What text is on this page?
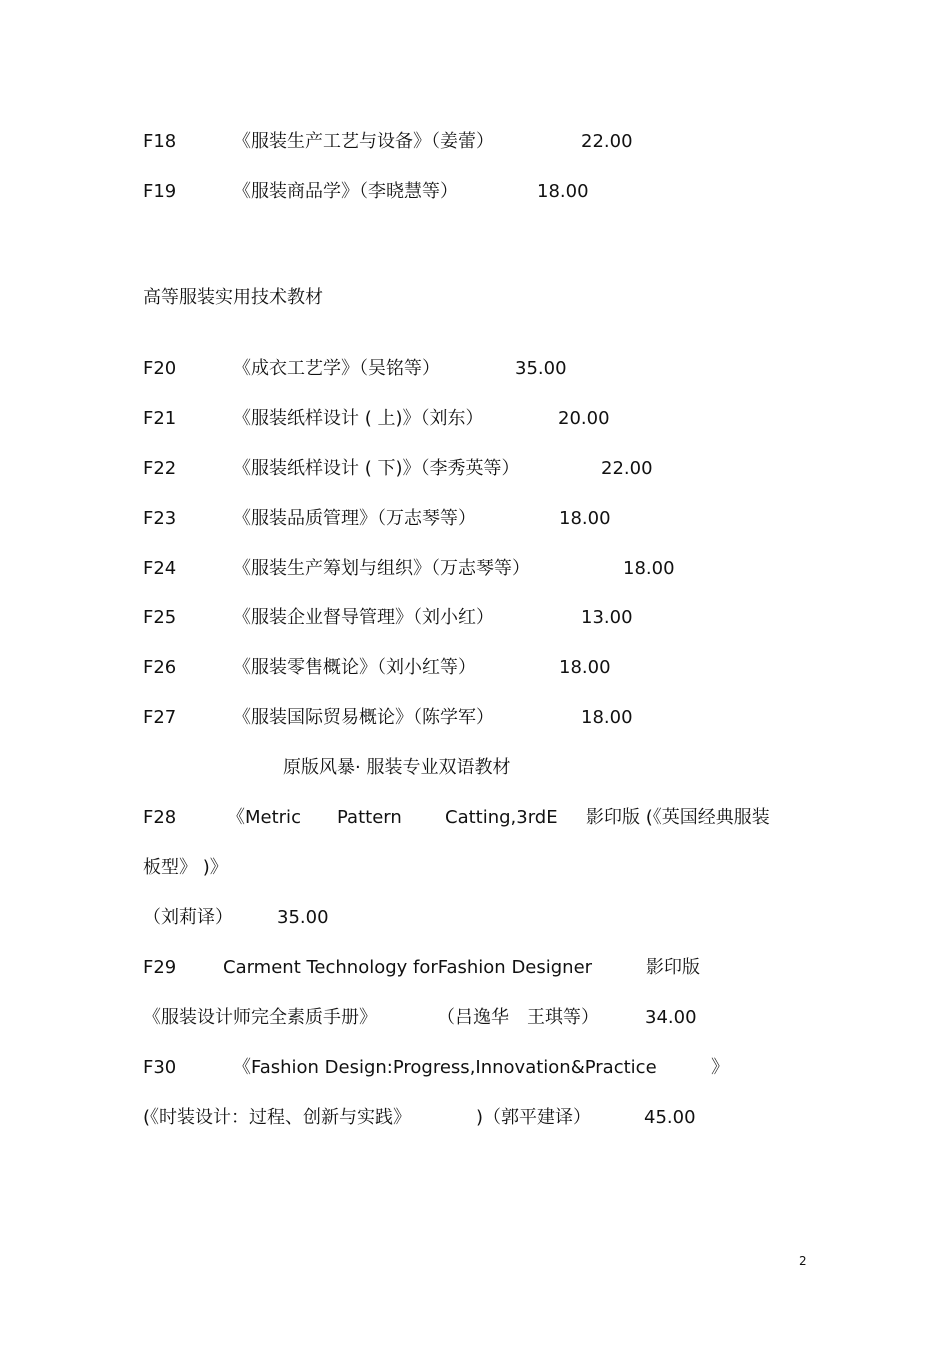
F18	《服装生产工艺与设备》（姜蕾）	22.00
F19	《服装商品学》（李晓慧等）	18.00
高等服装实用技术教材
F20	《成衣工艺学》（吴铭等）	35.00
F21	《服装纸样设计 ( 上)》（刘东）	20.00
F22	《服装纸样设计 ( 下)》（李秀英等）	22.00
F23	《服装品质管理》（万志琴等）	18.00
F24	《服装生产筹划与组织》（万志琴等）	18.00
F25	《服装企业督导管理》（刘小红）	13.00
F26	《服装零售概论》（刘小红等）	18.00
F27	《服装国际贸易概论》（陈学军）	18.00
原版风暴· 服装专业双语教材
F28	《Metric Pattern Catting,3rdE 影印版 (《英国经典服装
板型》 )》
（刘莉译） 35.00
F29	Carment Technology forFashion Designer	影印版
《服装设计师完全素质手册》	（吕逸华　王琪等）	34.00
F30	《Fashion Design:Progress,Innovation&Practice	》
(《时装设计：过程、创新与实践》	)（郭平建译）	45.00
2
